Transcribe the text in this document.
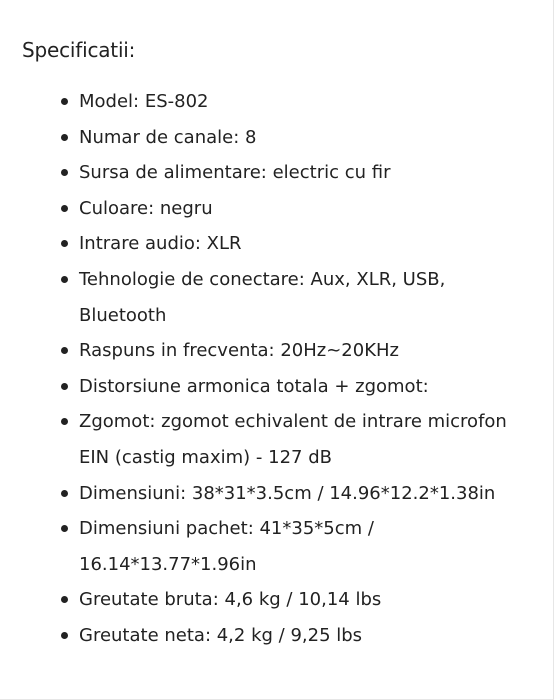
Specificatii:
Model: ES-802
Numar de canale: 8
Sursa de alimentare: electric cu fir
Culoare: negru
Intrare audio: XLR
Tehnologie de conectare: Aux, XLR, USB, Bluetooth
Raspuns in frecventa: 20Hz~20KHz
Distorsiune armonica totala + zgomot:
Zgomot: zgomot echivalent de intrare microfon EIN (castig maxim) - 127 dB
Dimensiuni: 38*31*3.5cm / 14.96*12.2*1.38in
Dimensiuni pachet: 41*35*5cm / 16.14*13.77*1.96in
Greutate bruta: 4,6 kg / 10,14 lbs
Greutate neta: 4,2 kg / 9,25 lbs
